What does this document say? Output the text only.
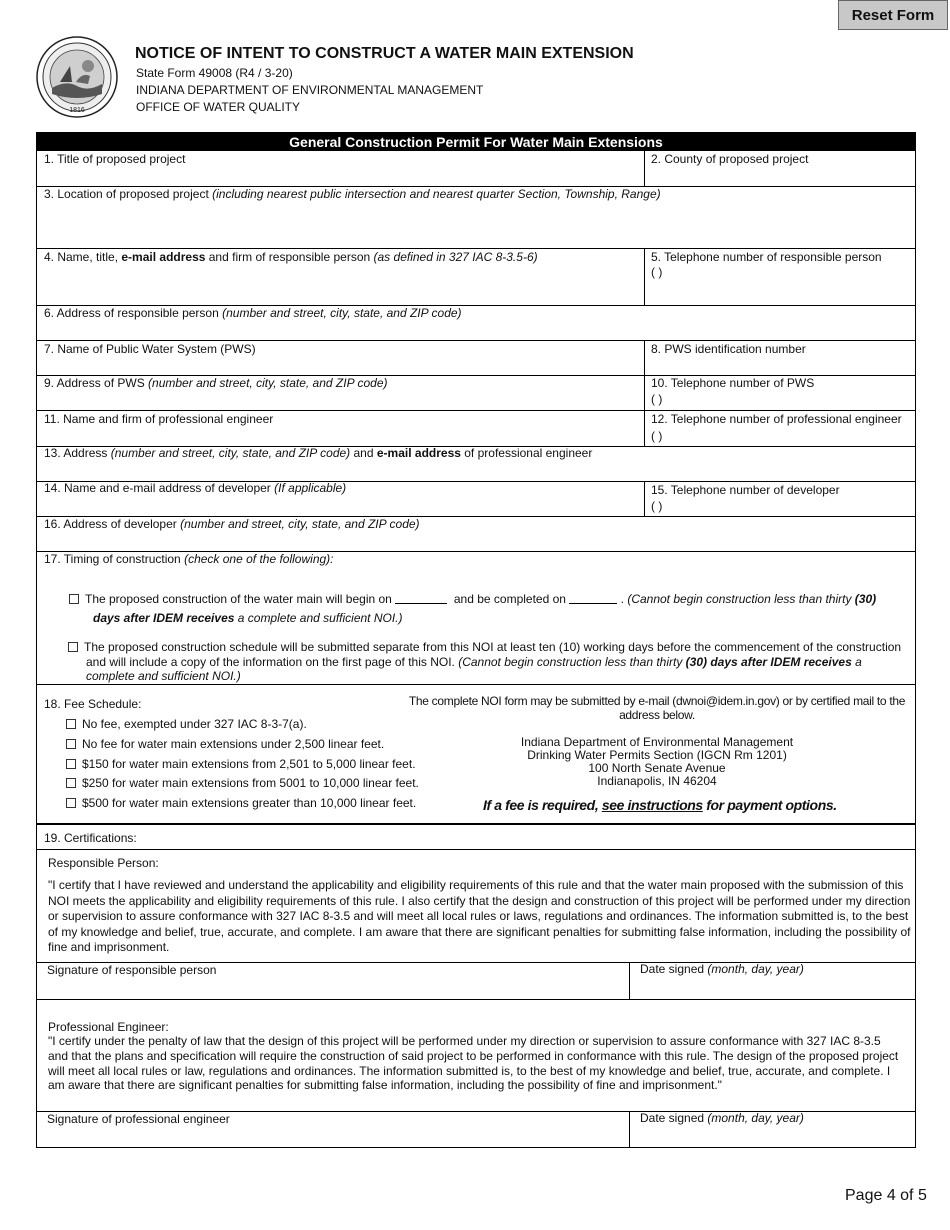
Reset Form
1816
NOTICE OF INTENT TO CONSTRUCT A WATER MAIN EXTENSION
State Form 49008 (R4 / 3-20)
INDIANA DEPARTMENT OF ENVIRONMENTAL MANAGEMENT
OFFICE OF WATER QUALITY
General Construction Permit For Water Main Extensions
1. Title of proposed project	2. County of proposed project
3. Location of proposed project (including nearest public intersection and nearest quarter Section, Township, Range)
4. Name, title, e-mail address and firm of responsible person (as defined in 327 IAC 8-3.5-6)	5. Telephone number of responsible person
( )
6. Address of responsible person (number and street, city, state, and ZIP code)
7. Name of Public Water System (PWS)	8. PWS identification number
9. Address of PWS (number and street, city, state, and ZIP code)	10. Telephone number of PWS
( )
11. Name and firm of professional engineer	12. Telephone number of professional engineer
( )
13. Address (number and street, city, state, and ZIP code) and e-mail address of professional engineer
14. Name and e-mail address of developer (If applicable)	15. Telephone number of developer
( )
16. Address of developer (number and street, city, state, and ZIP code)
17. Timing of construction (check one of the following):
The proposed construction of the water main will begin on	and be completed on	. (Cannot begin construction less than thirty (30)
days after IDEM receives a complete and sufficient NOI.)
The proposed construction schedule will be submitted separate from this NOI at least ten (10) working days before the commencement of the construction
and will include a copy of the information on the first page of this NOI. (Cannot begin construction less than thirty (30) days after IDEM receives a
complete and sufficient NOI.)
18. Fee Schedule:
No fee, exempted under 327 IAC 8-3-7(a).
No fee for water main extensions under 2,500 linear feet.
$150 for water main extensions from 2,501 to 5,000 linear feet.
$250 for water main extensions from 5001 to 10,000 linear feet.
$500 for water main extensions greater than 10,000 linear feet.
The complete NOI form may be submitted by e-mail (dwnoi@idem.in.gov) or by certified mail to the
address below.
Indiana Department of Environmental Management
Drinking Water Permits Section (IGCN Rm 1201)
100 North Senate Avenue
Indianapolis, IN 46204
If a fee is required, see instructions for payment options.
19. Certifications:
Responsible Person:
"I certify that I have reviewed and understand the applicability and eligibility requirements of this rule and that the water main proposed with the submission of this NOI meets the applicability and eligibility requirements of this rule. I also certify that the design and construction of this project will be performed under my direction or supervision to assure conformance with 327 IAC 8-3.5 and will meet all local rules or laws, regulations and ordinances. The information submitted is, to the best of my knowledge and belief, true, accurate, and complete. I am aware that there are significant penalties for submitting false information, including the possibility of fine and imprisonment.
Signature of responsible person	Date signed (month, day, year)
Professional Engineer:
"I certify under the penalty of law that the design of this project will be performed under my direction or supervision to assure conformance with 327 IAC 8-3.5 and that the plans and specification will require the construction of said project to be performed in conformance with this rule. The design of the proposed project will meet all local rules or law, regulations and ordinances. The information submitted is, to the best of my knowledge and belief, true, accurate, and complete. I am aware that there are significant penalties for submitting false information, including the possibility of fine and imprisonment."
Signature of professional engineer	Date signed (month, day, year)
Page 4 of 5
